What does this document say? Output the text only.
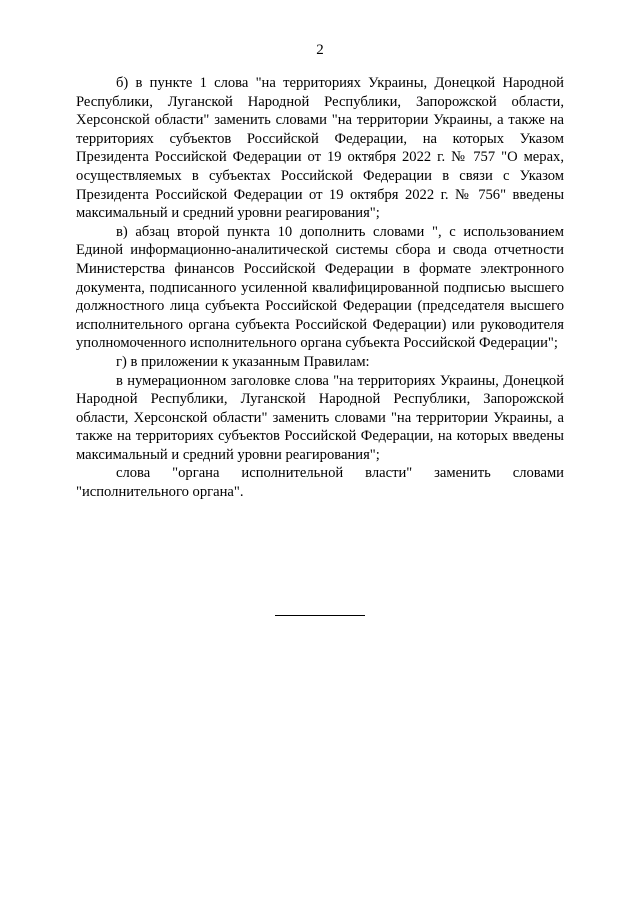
2

б) в пункте 1 слова "на территориях Украины, Донецкой Народной Республики, Луганской Народной Республики, Запорожской области, Херсонской области" заменить словами "на территории Украины, а также на территориях субъектов Российской Федерации, на которых Указом Президента Российской Федерации от 19 октября 2022 г. № 757 "О мерах, осуществляемых в субъектах Российской Федерации в связи с Указом Президента Российской Федерации от 19 октября 2022 г. № 756" введены максимальный и средний уровни реагирования";

в) абзац второй пункта 10 дополнить словами ", с использованием Единой информационно-аналитической системы сбора и свода отчетности Министерства финансов Российской Федерации в формате электронного документа, подписанного усиленной квалифицированной подписью высшего должностного лица субъекта Российской Федерации (председателя высшего исполнительного органа субъекта Российской Федерации) или руководителя уполномоченного исполнительного органа субъекта Российской Федерации";

г) в приложении к указанным Правилам:

в нумерационном заголовке слова "на территориях Украины, Донецкой Народной Республики, Луганской Народной Республики, Запорожской области, Херсонской области" заменить словами "на территории Украины, а также на территориях субъектов Российской Федерации, на которых введены максимальный и средний уровни реагирования";

слова "органа исполнительной власти" заменить словами "исполнительного органа".
